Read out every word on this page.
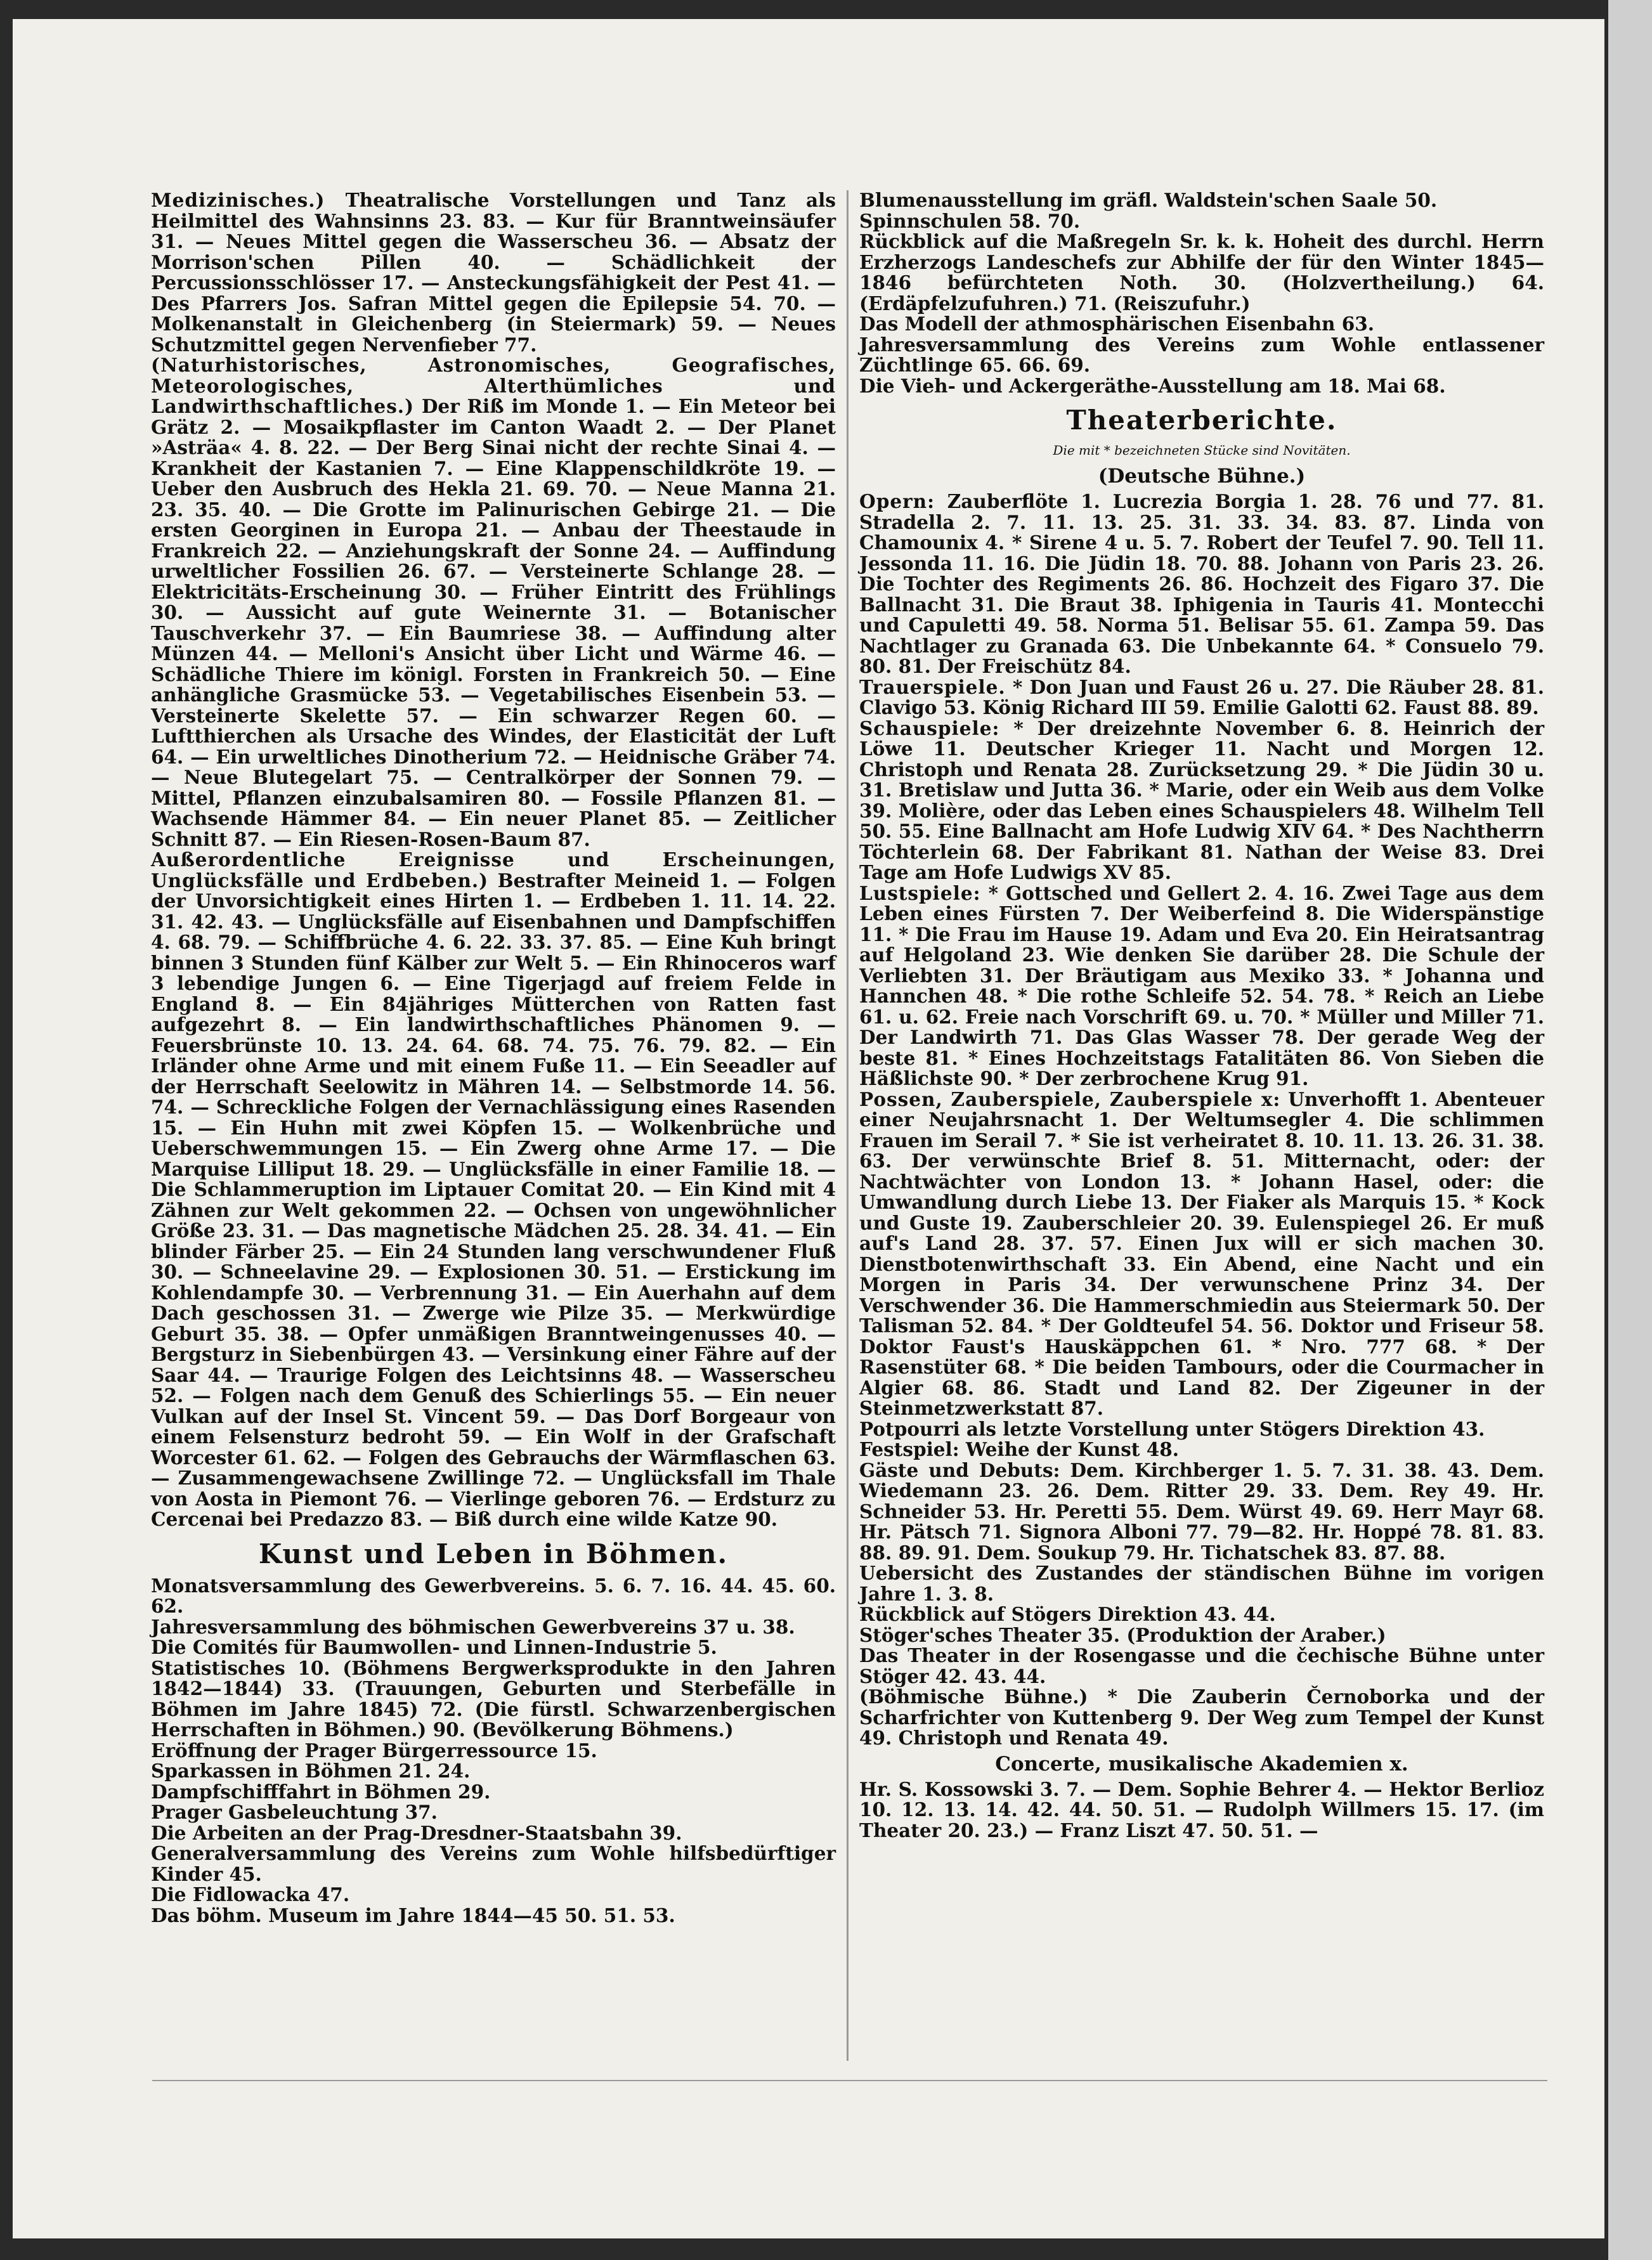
Medizinisches.) Theatralische Vorstellungen und Tanz als Heilmittel des Wahnsinns 23. 83. — Kur für Branntweinsäufer 31. — Neues Mittel gegen die Wasserscheu 36. — Absatz der Morrison'schen Pillen 40. — Schädlichkeit der Percussionsschlösser 17. — Ansteckungsfähigkeit der Pest 41. — Des Pfarrers Jos. Safran Mittel gegen die Epilepsie 54. 70. — Molkenanstalt in Gleichenberg (in Steiermark) 59. — Neues Schutzmittel gegen Nervenfieber 77.

(Naturhistorisches, Astronomisches, Geografisches, Meteorologisches, Alterthümliches und Landwirthschaftliches.) Der Riß im Monde 1. — Ein Meteor bei Grätz 2. — Mosaikpflaster im Canton Waadt 2. — Der Planet »Asträa« 4. 8. 22. — Der Berg Sinai nicht der rechte Sinai 4. — Krankheit der Kastanien 7. — Eine Klappenschildkröte 19. — Ueber den Ausbruch des Hekla 21. 69. 70. — Neue Manna 21. 23. 35. 40. — Die Grotte im Palinurischen Gebirge 21. — Die ersten Georginen in Europa 21. — Anbau der Theestaude in Frankreich 22. — Anziehungskraft der Sonne 24. — Auffindung urweltlicher Fossilien 26. 67. — Versteinerte Schlange 28. — Elektricitäts-Erscheinung 30. — Früher Eintritt des Frühlings 30. — Aussicht auf gute Weinernte 31. — Botanischer Tauschverkehr 37. — Ein Baumriese 38. — Auffindung alter Münzen 44. — Melloni's Ansicht über Licht und Wärme 46. — Schädliche Thiere im königl. Forsten in Frankreich 50. — Eine anhängliche Grasmücke 53. — Vegetabilisches Eisenbein 53. — Versteinerte Skelette 57. — Ein schwarzer Regen 60. — Luftthierchen als Ursache des Windes, der Elasticität der Luft 64. — Ein urweltliches Dinotherium 72. — Heidnische Gräber 74. — Neue Blutegelart 75. — Centralkörper der Sonnen 79. — Mittel, Pflanzen einzubalsamiren 80. — Fossile Pflanzen 81. — Wachsende Hämmer 84. — Ein neuer Planet 85. — Zeitlicher Schnitt 87. — Ein Riesen-Rosen-Baum 87.

Außerordentliche Ereignisse und Erscheinungen, Unglücksfälle und Erdbeben.) Bestrafter Meineid 1. — Folgen der Unvorsichtigkeit eines Hirten 1. — Erdbeben 1. 11. 14. 22. 31. 42. 43. — Unglücksfälle auf Eisenbahnen und Dampfschiffen 4. 68. 79. — Schiffbrüche 4. 6. 22. 33. 37. 85. — Eine Kuh bringt binnen 3 Stunden fünf Kälber zur Welt 5. — Ein Rhinoceros warf 3 lebendige Jungen 6. — Eine Tigerjagd auf freiem Felde in England 8. — Ein 84jähriges Mütterchen von Ratten fast aufgezehrt 8. — Ein landwirthschaftliches Phänomen 9. — Feuersbrünste 10. 13. 24. 64. 68. 74. 75. 76. 79. 82. — Ein Irländer ohne Arme und mit einem Fuße 11. — Ein Seeadler auf der Herrschaft Seelowitz in Mähren 14. — Selbstmorde 14. 56. 74. — Schreckliche Folgen der Vernachlässigung eines Rasenden 15. — Ein Huhn mit zwei Köpfen 15. — Wolkenbrüche und Ueberschwemmungen 15. — Ein Zwerg ohne Arme 17. — Die Marquise Lilliput 18. 29. — Unglücksfälle in einer Familie 18. — Die Schlammeruption im Liptauer Comitat 20. — Ein Kind mit 4 Zähnen zur Welt gekommen 22. — Ochsen von ungewöhnlicher Größe 23. 31. — Das magnetische Mädchen 25. 28. 34. 41. — Ein blinder Färber 25. — Ein 24 Stunden lang verschwundener Fluß 30. — Schneelavine 29. — Explosionen 30. 51. — Erstickung im Kohlendampfe 30. — Verbrennung 31. — Ein Auerhahn auf dem Dach geschossen 31. — Zwerge wie Pilze 35. — Merkwürdige Geburt 35. 38. — Opfer unmäßigen Branntweingenusses 40. — Bergsturz in Siebenbürgen 43. — Versinkung einer Fähre auf der Saar 44. — Traurige Folgen des Leichtsinns 48. — Wasserscheu 52. — Folgen nach dem Genuß des Schierlings 55. — Ein neuer Vulkan auf der Insel St. Vincent 59. — Das Dorf Borgeaur von einem Felsensturz bedroht 59. — Ein Wolf in der Grafschaft Worcester 61. 62. — Folgen des Gebrauchs der Wärmflaschen 63. — Zusammengewachsene Zwillinge 72. — Unglücksfall im Thale von Aosta in Piemont 76. — Vierlinge geboren 76. — Erdsturz zu Cercenai bei Predazzo 83. — Biß durch eine wilde Katze 90.

Kunst und Leben in Böhmen.

Monatsversammlung des Gewerbvereins. 5. 6. 7. 16. 44. 45. 60. 62.

Jahresversammlung des böhmischen Gewerbvereins 37 u. 38.

Die Comités für Baumwollen- und Linnen-Industrie 5.

Statistisches 10. (Böhmens Bergwerksprodukte in den Jahren 1842—1844) 33. (Trauungen, Geburten und Sterbefälle in Böhmen im Jahre 1845) 72. (Die fürstl. Schwarzenbergischen Herrschaften in Böhmen.) 90. (Bevölkerung Böhmens.)

Eröffnung der Prager Bürgerressource 15.

Sparkassen in Böhmen 21. 24.

Dampfschifffahrt in Böhmen 29.

Prager Gasbeleuchtung 37.

Die Arbeiten an der Prag-Dresdner-Staatsbahn 39.

Generalversammlung des Vereins zum Wohle hilfsbedürftiger Kinder 45.

Die Fidlowacka 47.

Das böhm. Museum im Jahre 1844—45 50. 51. 53.

Blumenausstellung im gräfl. Waldstein'schen Saale 50.

Spinnschulen 58. 70.

Rückblick auf die Maßregeln Sr. k. k. Hoheit des durchl. Herrn Erzherzogs Landeschefs zur Abhilfe der für den Winter 1845—1846 befürchteten Noth. 30. (Holzvertheilung.) 64. (Erdäpfelzufuhren.) 71. (Reiszufuhr.)

Das Modell der athmosphärischen Eisenbahn 63.

Jahresversammlung des Vereins zum Wohle entlassener Züchtlinge 65. 66. 69.

Die Vieh- und Ackergeräthe-Ausstellung am 18. Mai 68.

Theaterberichte.
Die mit * bezeichneten Stücke sind Novitäten.
(Deutsche Bühne.)

Opern: Zauberflöte 1. Lucrezia Borgia 1. 28. 76 und 77. 81. Stradella 2. 7. 11. 13. 25. 31. 33. 34. 83. 87. Linda von Chamounix 4. * Sirene 4 u. 5. 7. Robert der Teufel 7. 90. Tell 11. Jessonda 11. 16. Die Jüdin 18. 70. 88. Johann von Paris 23. 26. Die Tochter des Regiments 26. 86. Hochzeit des Figaro 37. Die Ballnacht 31. Die Braut 38. Iphigenia in Tauris 41. Montecchi und Capuletti 49. 58. Norma 51. Belisar 55. 61. Zampa 59. Das Nachtlager zu Granada 63. Die Unbekannte 64. * Consuelo 79. 80. 81. Der Freischütz 84.

Trauerspiele. * Don Juan und Faust 26 u. 27. Die Räuber 28. 81. Clavigo 53. König Richard III 59. Emilie Galotti 62. Faust 88. 89.

Schauspiele: * Der dreizehnte November 6. 8. Heinrich der Löwe 11. Deutscher Krieger 11. Nacht und Morgen 12. Christoph und Renata 28. Zurücksetzung 29. * Die Jüdin 30 u. 31. Bretislaw und Jutta 36. * Marie, oder ein Weib aus dem Volke 39. Molière, oder das Leben eines Schauspielers 48. Wilhelm Tell 50. 55. Eine Ballnacht am Hofe Ludwig XIV 64. * Des Nachtherrn Töchterlein 68. Der Fabrikant 81. Nathan der Weise 83. Drei Tage am Hofe Ludwigs XV 85.

Lustspiele: * Gottsched und Gellert 2. 4. 16. Zwei Tage aus dem Leben eines Fürsten 7. Der Weiberfeind 8. Die Widerspänstige 11. * Die Frau im Hause 19. Adam und Eva 20. Ein Heiratsantrag auf Helgoland 23. Wie denken Sie darüber 28. Die Schule der Verliebten 31. Der Bräutigam aus Mexiko 33. * Johanna und Hannchen 48. * Die rothe Schleife 52. 54. 78. * Reich an Liebe 61. u. 62. Freie nach Vorschrift 69. u. 70. * Müller und Miller 71. Der Landwirth 71. Das Glas Wasser 78. Der gerade Weg der beste 81. * Eines Hochzeitstags Fatalitäten 86. Von Sieben die Häßlichste 90. * Der zerbrochene Krug 91.

Possen, Zauberspiele, Zauberspiele x: Unverhofft 1. Abenteuer einer Neujahrsnacht 1. Der Weltumsegler 4. Die schlimmen Frauen im Serail 7. * Sie ist verheiratet 8. 10. 11. 13. 26. 31. 38. 63. Der verwünschte Brief 8. 51. Mitternacht, oder: der Nachtwächter von London 13. * Johann Hasel, oder: die Umwandlung durch Liebe 13. Der Fiaker als Marquis 15. * Kock und Guste 19. Zauberschleier 20. 39. Eulenspiegel 26. Er muß auf's Land 28. 37. 57. Einen Jux will er sich machen 30. Dienstbotenwirthschaft 33. Ein Abend, eine Nacht und ein Morgen in Paris 34. Der verwunschene Prinz 34. Der Verschwender 36. Die Hammerschmiedin aus Steiermark 50. Der Talisman 52. 84. * Der Goldteufel 54. 56. Doktor und Friseur 58. Doktor Faust's Hauskäppchen 61. * Nro. 777 68. * Der Rasenstüter 68. * Die beiden Tambours, oder die Courmacher in Algier 68. 86. Stadt und Land 82. Der Zigeuner in der Steinmetzwerkstatt 87.

Potpourri als letzte Vorstellung unter Stögers Direktion 43.

Festspiel: Weihe der Kunst 48.

Gäste und Debuts: Dem. Kirchberger 1. 5. 7. 31. 38. 43. Dem. Wiedemann 23. 26. Dem. Ritter 29. 33. Dem. Rey 49. Hr. Schneider 53. Hr. Peretti 55. Dem. Würst 49. 69. Herr Mayr 68. Hr. Pätsch 71. Signora Alboni 77. 79—82. Hr. Hoppé 78. 81. 83. 88. 89. 91. Dem. Soukup 79. Hr. Tichatschek 83. 87. 88.

Uebersicht des Zustandes der ständischen Bühne im vorigen Jahre 1. 3. 8.

Rückblick auf Stögers Direktion 43. 44.

Stöger'sches Theater 35. (Produktion der Araber.)

Das Theater in der Rosengasse und die čechische Bühne unter Stöger 42. 43. 44.

(Böhmische Bühne.) * Die Zauberin Černoborka und der Scharfrichter von Kuttenberg 9. Der Weg zum Tempel der Kunst 49. Christoph und Renata 49.

Concerte, musikalische Akademien x.

Hr. S. Kossowski 3. 7. — Dem. Sophie Behrer 4. — Hektor Berlioz 10. 12. 13. 14. 42. 44. 50. 51. — Rudolph Willmers 15. 17. (im Theater 20. 23.) — Franz Liszt 47. 50. 51. —
